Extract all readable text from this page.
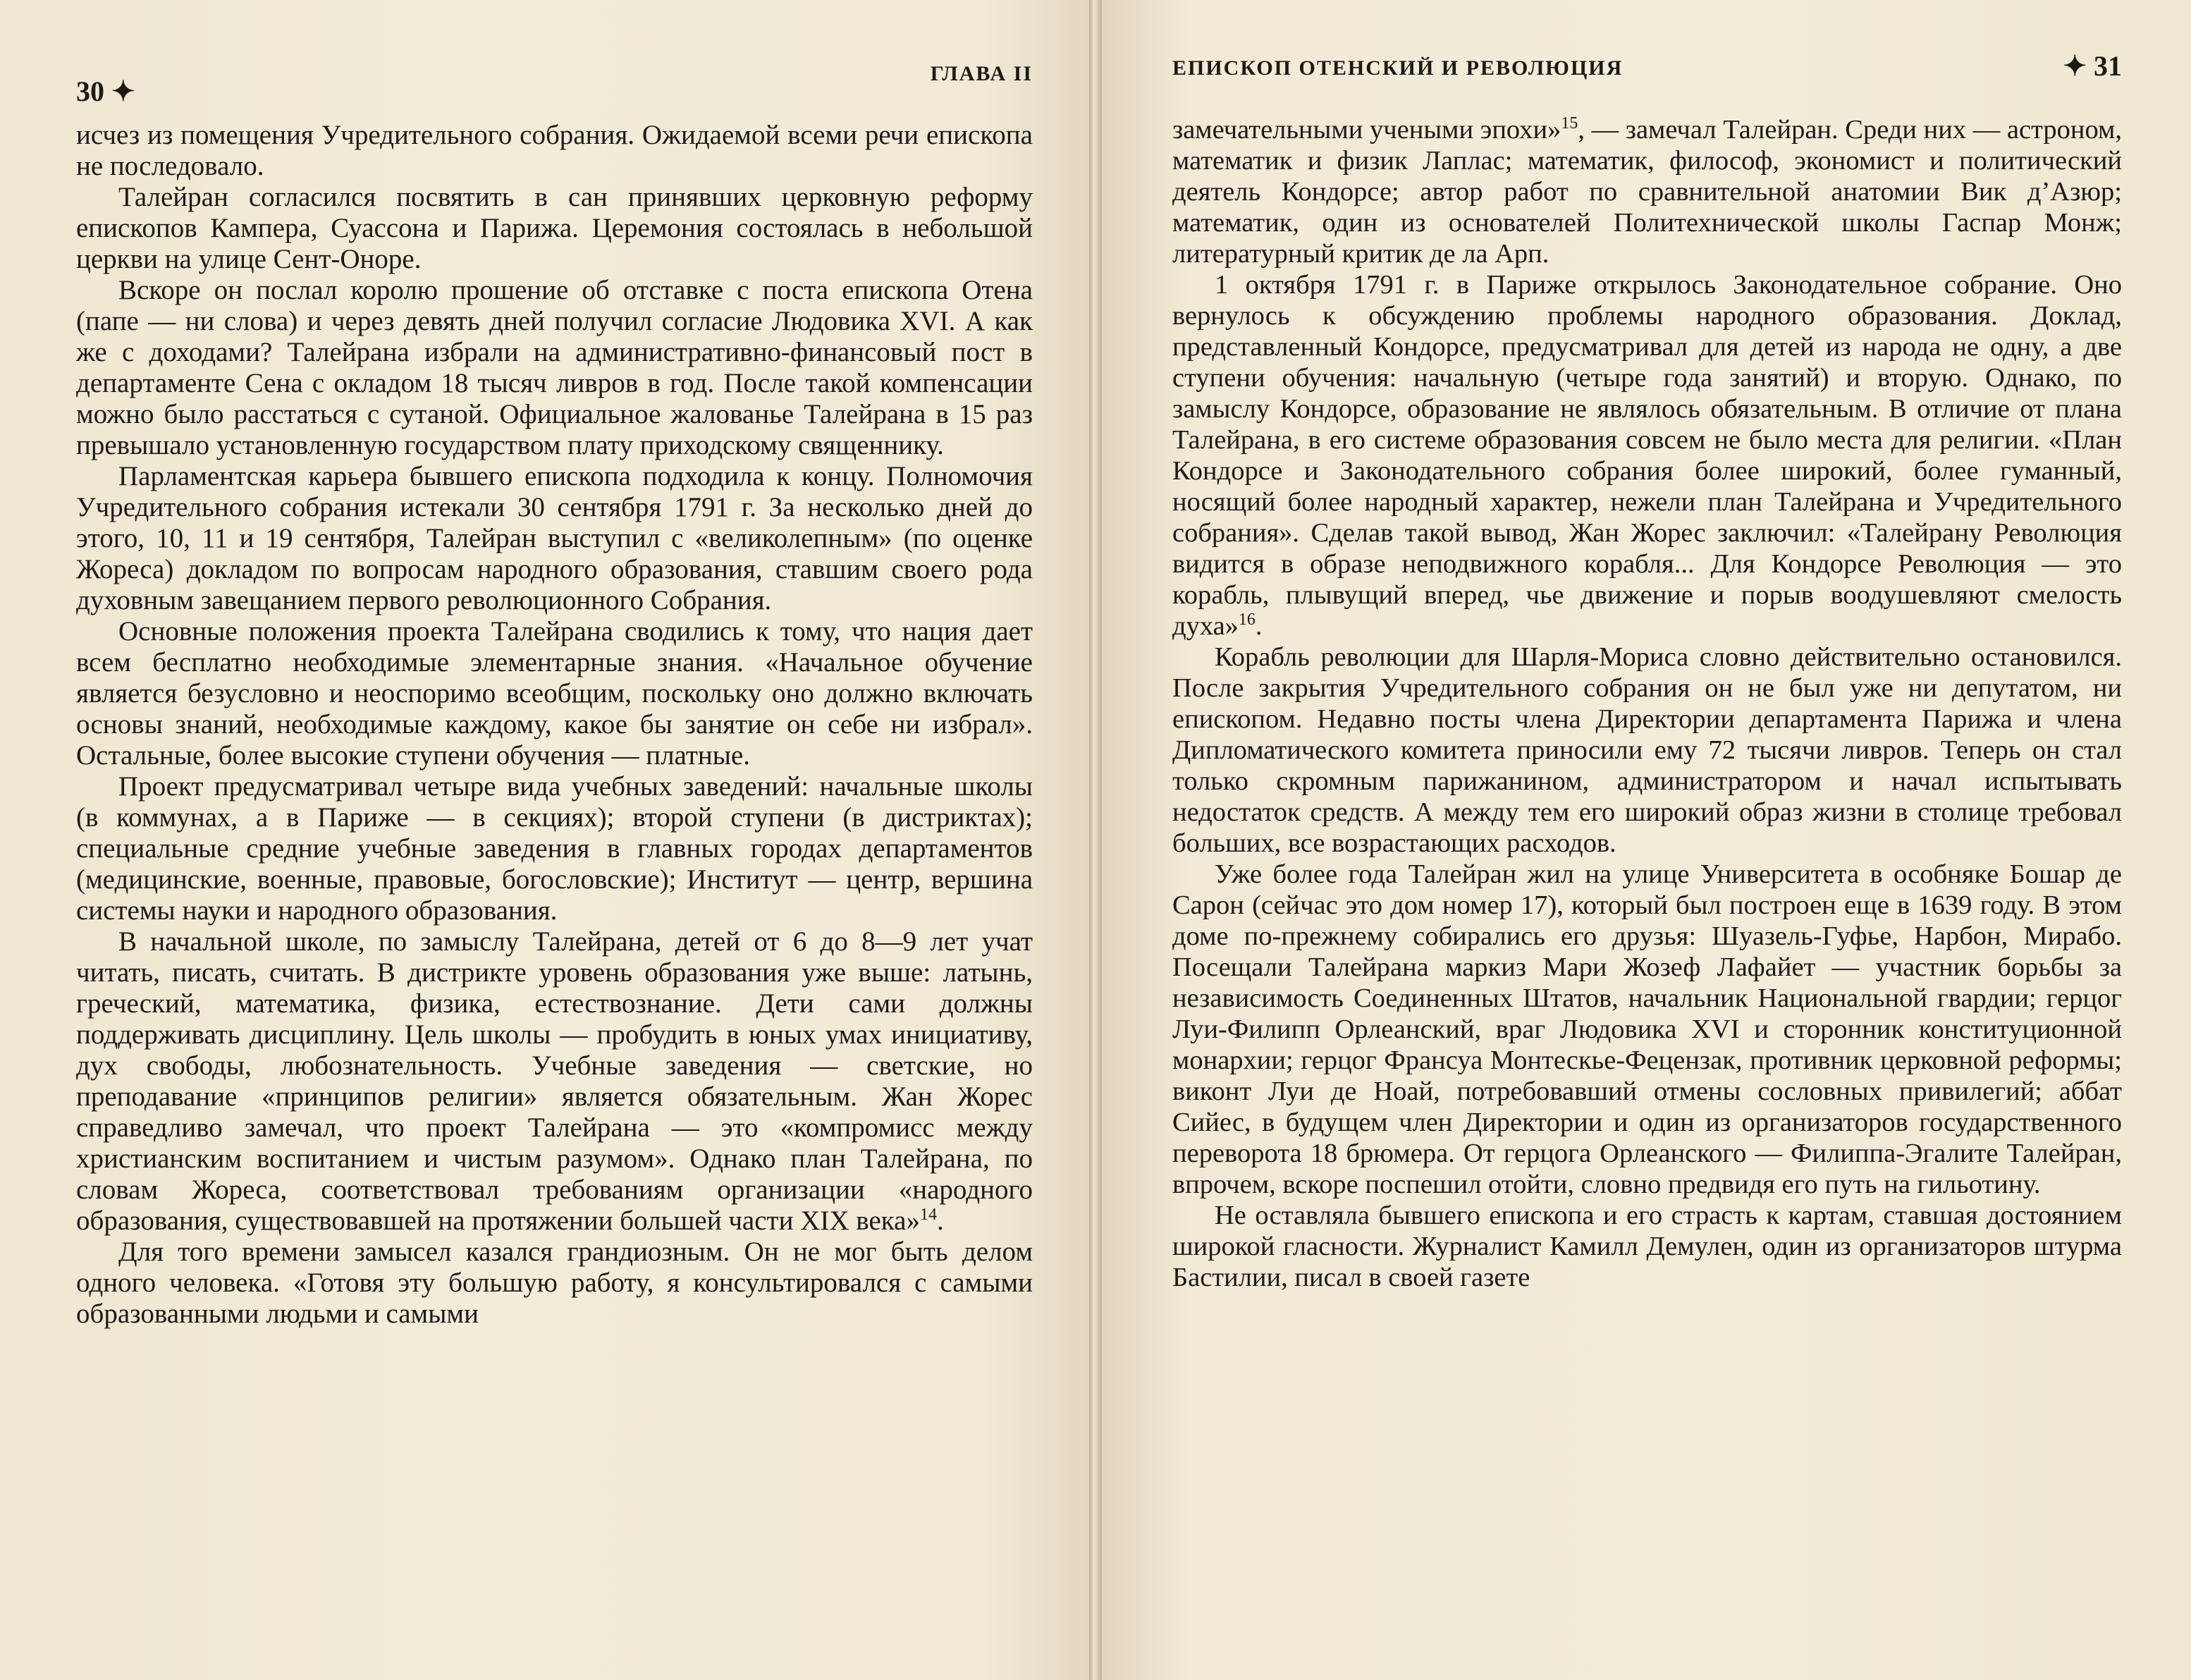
30 ✦
ГЛАВА II

исчез из помещения Учредительного собрания. Ожидаемой всеми речи епископа не последовало.

Талейран согласился посвятить в сан принявших церковную реформу епископов Кампера, Суассона и Парижа. Церемония состоялась в небольшой церкви на улице Сент-Оноре.

Вскоре он послал королю прошение об отставке с поста епископа Отена (папе — ни слова) и через девять дней получил согласие Людовика XVI. А как же с доходами? Талейрана избрали на административно-финансовый пост в департаменте Сена с окладом 18 тысяч ливров в год. После такой компенсации можно было расстаться с сутаной. Официальное жалованье Талейрана в 15 раз превышало установленную государством плату приходскому священнику.

Парламентская карьера бывшего епископа подходила к концу. Полномочия Учредительного собрания истекали 30 сентября 1791 г. За несколько дней до этого, 10, 11 и 19 сентября, Талейран выступил с «великолепным» (по оценке Жореса) докладом по вопросам народного образования, ставшим своего рода духовным завещанием первого революционного Собрания.

Основные положения проекта Талейрана сводились к тому, что нация дает всем бесплатно необходимые элементарные знания. «Начальное обучение является безусловно и неоспоримо всеобщим, поскольку оно должно включать основы знаний, необходимые каждому, какое бы занятие он себе ни избрал». Остальные, более высокие ступени обучения — платные.

Проект предусматривал четыре вида учебных заведений: начальные школы (в коммунах, а в Париже — в секциях); второй ступени (в дистриктах); специальные средние учебные заведения в главных городах департаментов (медицинские, военные, правовые, богословские); Институт — центр, вершина системы науки и народного образования.

В начальной школе, по замыслу Талейрана, детей от 6 до 8—9 лет учат читать, писать, считать. В дистрикте уровень образования уже выше: латынь, греческий, математика, физика, естествознание. Дети сами должны поддерживать дисциплину. Цель школы — пробудить в юных умах инициативу, дух свободы, любознательность. Учебные заведения — светские, но преподавание «принципов религии» является обязательным. Жан Жорес справедливо замечал, что проект Талейрана — это «компромисс между христианским воспитанием и чистым разумом». Однако план Талейрана, по словам Жореса, соответствовал требованиям организации «народного образования, существовавшей на протяжении большей части XIX века»$^{14}$.

Для того времени замысел казался грандиозным. Он не мог быть делом одного человека. «Готовя эту большую работу, я консультировался с самыми образованными людьми и самыми

ЕПИСКОП ОТЕНСКИЙ И РЕВОЛЮЦИЯ	✦ 31

замечательными учеными эпохи»$^{15}$, — замечал Талейран. Среди них — астроном, математик и физик Лаплас; математик, философ, экономист и политический деятель Кондорсе; автор работ по сравнительной анатомии Вик д’Азюр; математик, один из основателей Политехнической школы Гаспар Монж; литературный критик де ла Арп.

1 октября 1791 г. в Париже открылось Законодательное собрание. Оно вернулось к обсуждению проблемы народного образования. Доклад, представленный Кондорсе, предусматривал для детей из народа не одну, а две ступени обучения: начальную (четыре года занятий) и вторую. Однако, по замыслу Кондорсе, образование не являлось обязательным. В отличие от плана Талейрана, в его системе образования совсем не было места для религии. «План Кондорсе и Законодательного собрания более широкий, более гуманный, носящий более народный характер, нежели план Талейрана и Учредительного собрания». Сделав такой вывод, Жан Жорес заключил: «Талейрану Революция видится в образе неподвижного корабля... Для Кондорсе Революция — это корабль, плывущий вперед, чье движение и порыв воодушевляют смелость духа»$^{16}$.

Корабль революции для Шарля-Мориса словно действительно остановился. После закрытия Учредительного собрания он не был уже ни депутатом, ни епископом. Недавно посты члена Директории департамента Парижа и члена Дипломатического комитета приносили ему 72 тысячи ливров. Теперь он стал только скромным парижанином, администратором и начал испытывать недостаток средств. А между тем его широкий образ жизни в столице требовал больших, все возрастающих расходов.

Уже более года Талейран жил на улице Университета в особняке Бошар де Сарон (сейчас это дом номер 17), который был построен еще в 1639 году. В этом доме по-прежнему собирались его друзья: Шуазель-Гуфье, Нарбон, Мирабо. Посещали Талейрана маркиз Мари Жозеф Лафайет — участник борьбы за независимость Соединенных Штатов, начальник Национальной гвардии; герцог Луи-Филипп Орлеанский, враг Людовика XVI и сторонник конституционной монархии; герцог Франсуа Монтескье-Фецензак, противник церковной реформы; виконт Луи де Ноай, потребовавший отмены сословных привилегий; аббат Сийес, в будущем член Директории и один из организаторов государственного переворота 18 брюмера. От герцога Орлеанского — Филиппа-Эгалите Талейран, впрочем, вскоре поспешил отойти, словно предвидя его путь на гильотину.

Не оставляла бывшего епископа и его страсть к картам, ставшая достоянием широкой гласности. Журналист Камилл Демулен, один из организаторов штурма Бастилии, писал в своей газете
